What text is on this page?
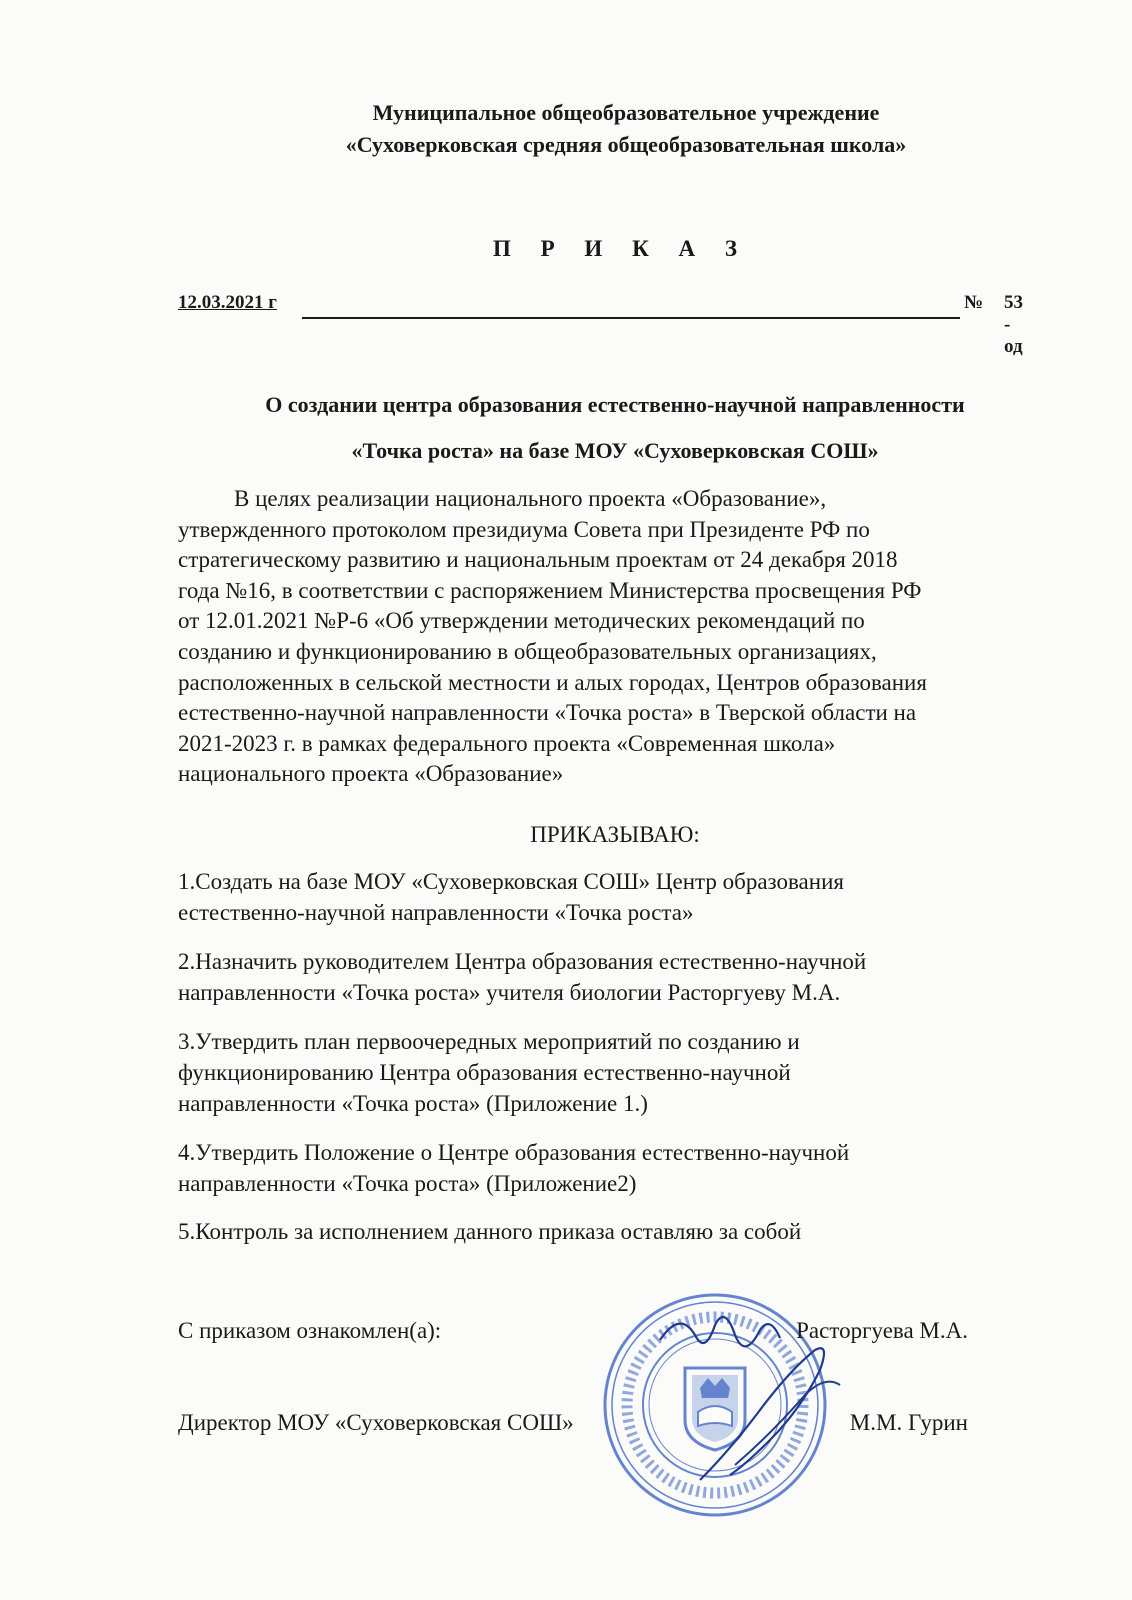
Муниципальное общеобразовательное учреждение
«Суховерковская средняя общеобразовательная школа»
П Р И К А З
12.03.2021 г	№	53 - од
О создании центра образования естественно-научной направленности
«Точка роста» на базе МОУ «Суховерковская СОШ»
В целях реализации национального проекта «Образование»,
утвержденного протоколом президиума Совета при Президенте РФ по
стратегическому развитию и национальным проектам от 24 декабря 2018
года №16, в соответствии с распоряжением Министерства просвещения РФ
от 12.01.2021 №Р-6 «Об утверждении методических рекомендаций по
созданию и функционированию в общеобразовательных организациях,
расположенных в сельской местности и алых городах, Центров образования
естественно-научной направленности «Точка роста» в Тверской области на
2021-2023 г. в рамках федерального проекта «Современная школа»
национального проекта «Образование»
ПРИКАЗЫВАЮ:
1.Создать на базе МОУ «Суховерковская СОШ» Центр образования
естественно-научной направленности «Точка роста»
2.Назначить руководителем Центра образования естественно-научной
направленности «Точка роста» учителя биологии Расторгуеву М.А.
3.Утвердить план первоочередных мероприятий по созданию и
функционированию Центра образования естественно-научной
направленности «Точка роста» (Приложение 1.)
4.Утвердить Положение о Центре образования естественно-научной
направленности «Точка роста» (Приложение2)
5.Контроль за исполнением данного приказа оставляю за собой
С приказом ознакомлен(а):	Расторгуева М.А.
Директор МОУ «Суховерковская СОШ»	М.М. Гурин
